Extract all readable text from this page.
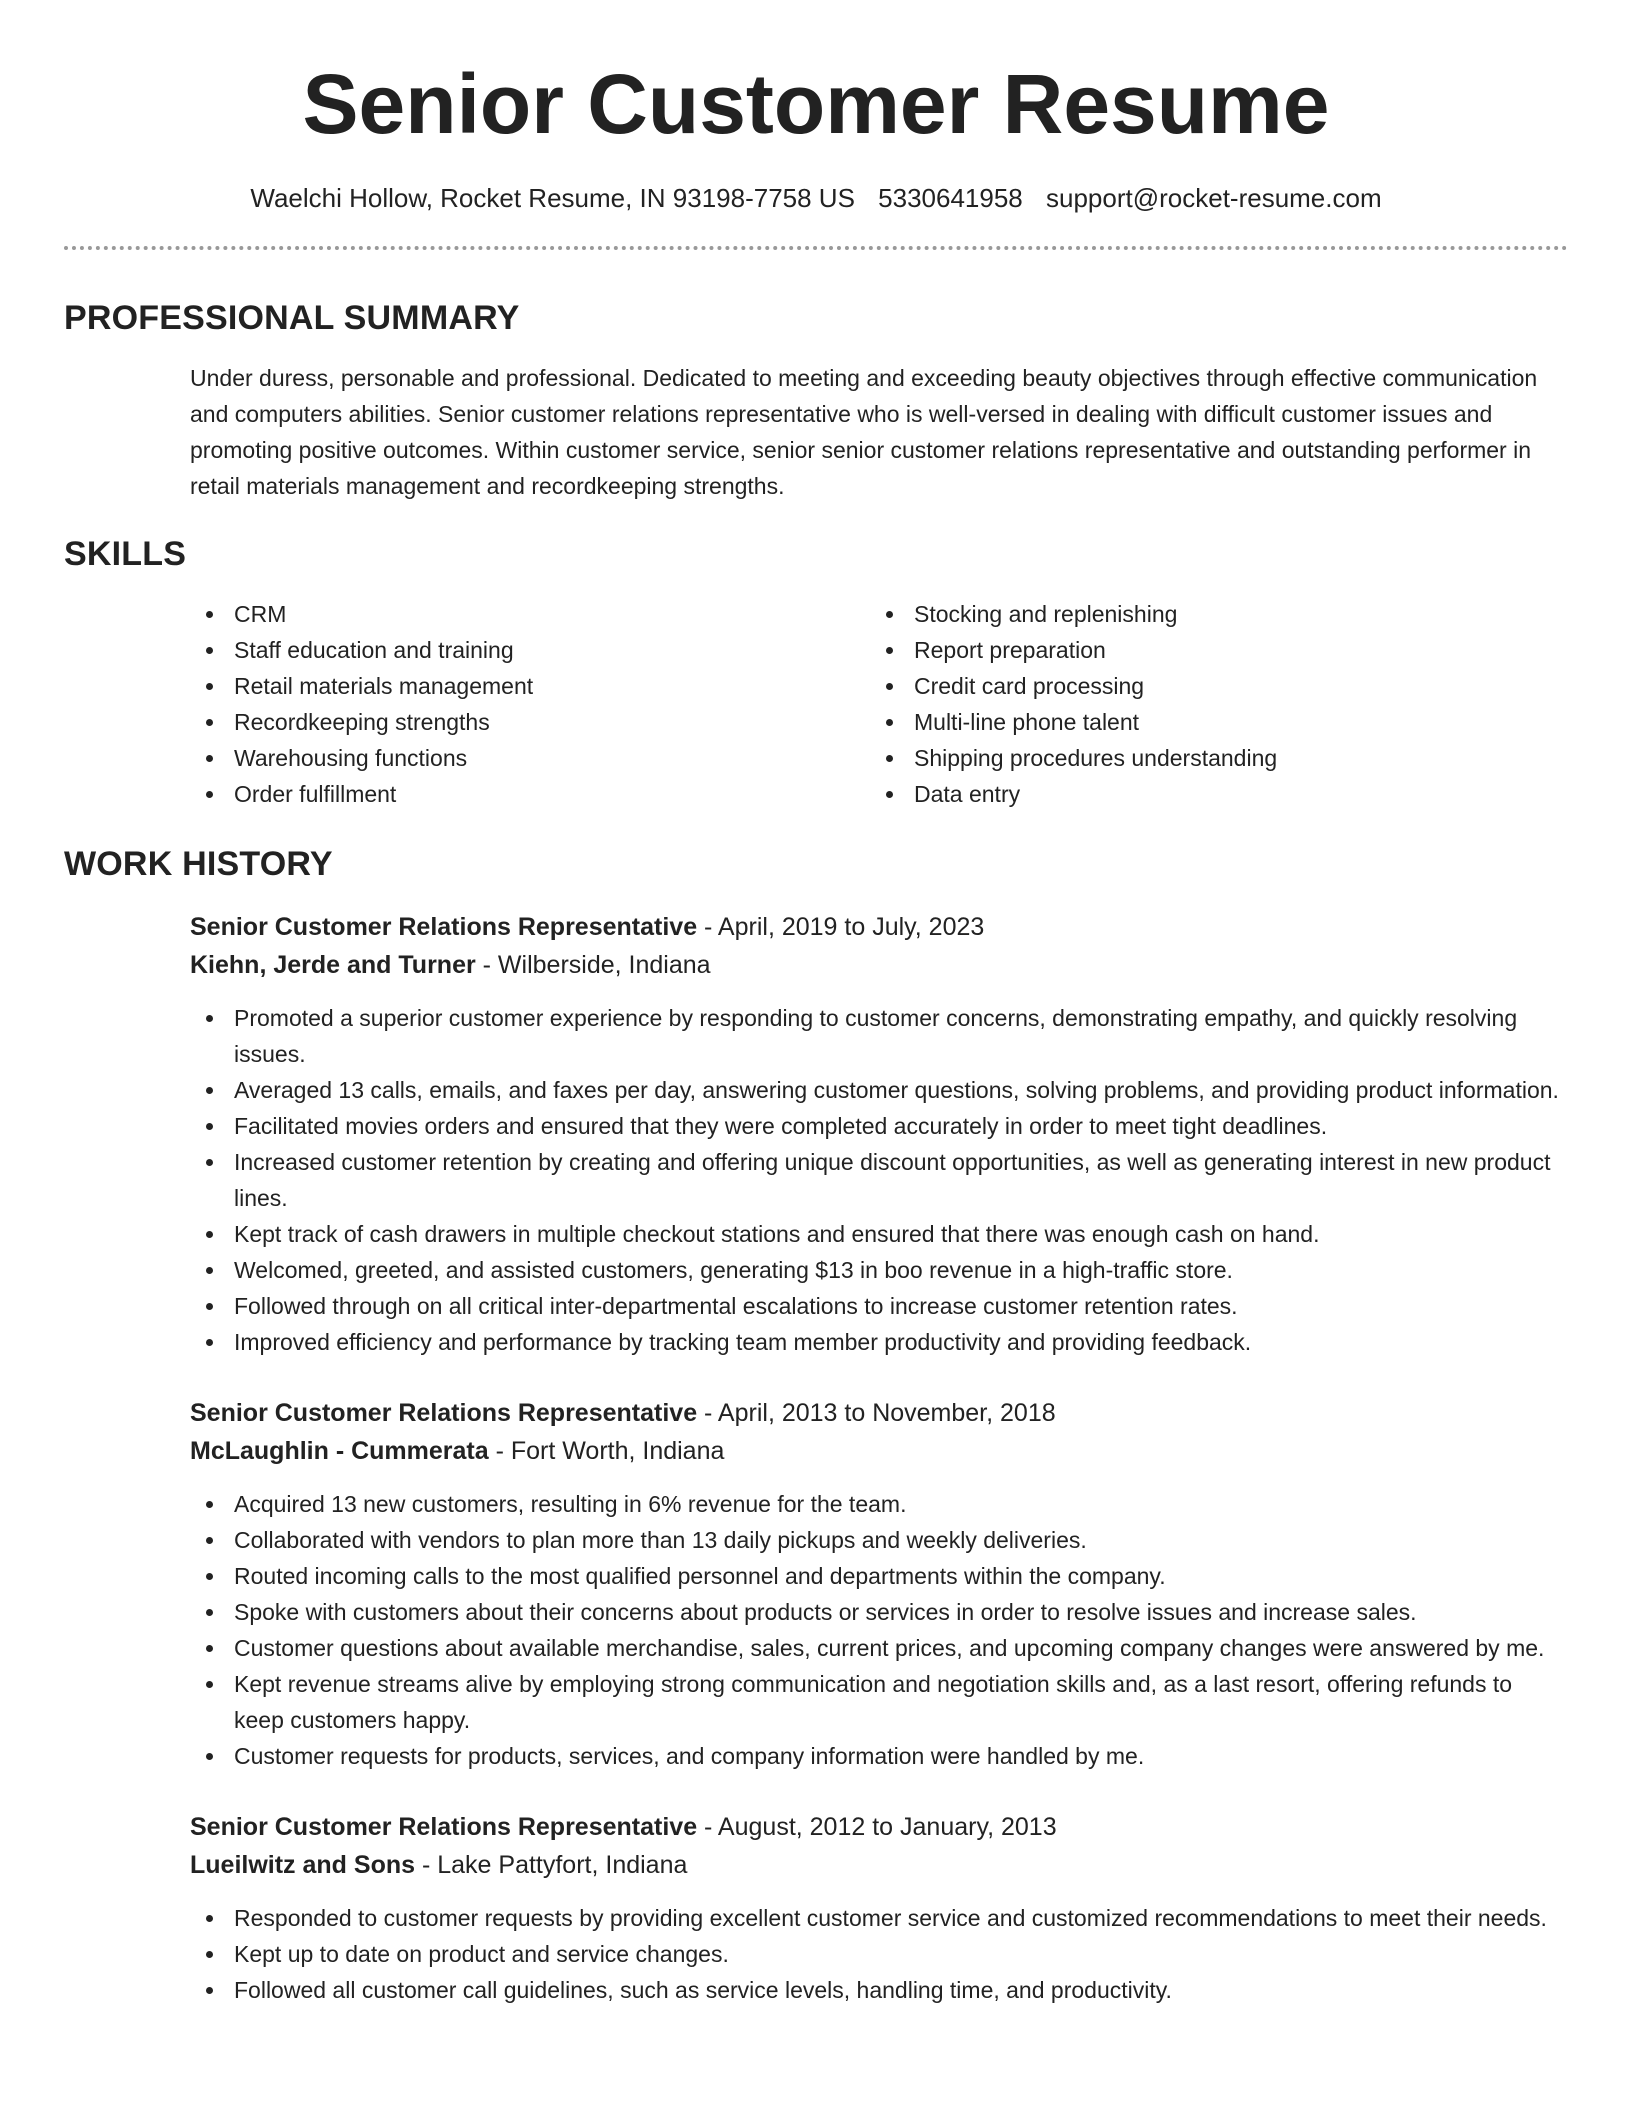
Senior Customer Resume
Waelchi Hollow, Rocket Resume, IN 93198-7758 US 5330641958 support@rocket-resume.com
PROFESSIONAL SUMMARY

Under duress, personable and professional. Dedicated to meeting and exceeding beauty objectives through effective communication and computers abilities. Senior customer relations representative who is well-versed in dealing with difficult customer issues and promoting positive outcomes. Within customer service, senior senior customer relations representative and outstanding performer in retail materials management and recordkeeping strengths.

SKILLS
CRM
Staff education and training
Retail materials management
Recordkeeping strengths
Warehousing functions
Order fulfillment
Stocking and replenishing
Report preparation
Credit card processing
Multi-line phone talent
Shipping procedures understanding
Data entry
WORK HISTORY
Senior Customer Relations Representative - April, 2019 to July, 2023
Kiehn, Jerde and Turner - Wilberside, Indiana
Promoted a superior customer experience by responding to customer concerns, demonstrating empathy, and quickly resolving issues.
Averaged 13 calls, emails, and faxes per day, answering customer questions, solving problems, and providing product information.
Facilitated movies orders and ensured that they were completed accurately in order to meet tight deadlines.
Increased customer retention by creating and offering unique discount opportunities, as well as generating interest in new product lines.
Kept track of cash drawers in multiple checkout stations and ensured that there was enough cash on hand.
Welcomed, greeted, and assisted customers, generating $13 in boo revenue in a high-traffic store.
Followed through on all critical inter-departmental escalations to increase customer retention rates.
Improved efficiency and performance by tracking team member productivity and providing feedback.
Senior Customer Relations Representative - April, 2013 to November, 2018
McLaughlin - Cummerata - Fort Worth, Indiana
Acquired 13 new customers, resulting in 6% revenue for the team.
Collaborated with vendors to plan more than 13 daily pickups and weekly deliveries.
Routed incoming calls to the most qualified personnel and departments within the company.
Spoke with customers about their concerns about products or services in order to resolve issues and increase sales.
Customer questions about available merchandise, sales, current prices, and upcoming company changes were answered by me.
Kept revenue streams alive by employing strong communication and negotiation skills and, as a last resort, offering refunds to keep customers happy.
Customer requests for products, services, and company information were handled by me.
Senior Customer Relations Representative - August, 2012 to January, 2013
Lueilwitz and Sons - Lake Pattyfort, Indiana
Responded to customer requests by providing excellent customer service and customized recommendations to meet their needs.
Kept up to date on product and service changes.
Followed all customer call guidelines, such as service levels, handling time, and productivity.
